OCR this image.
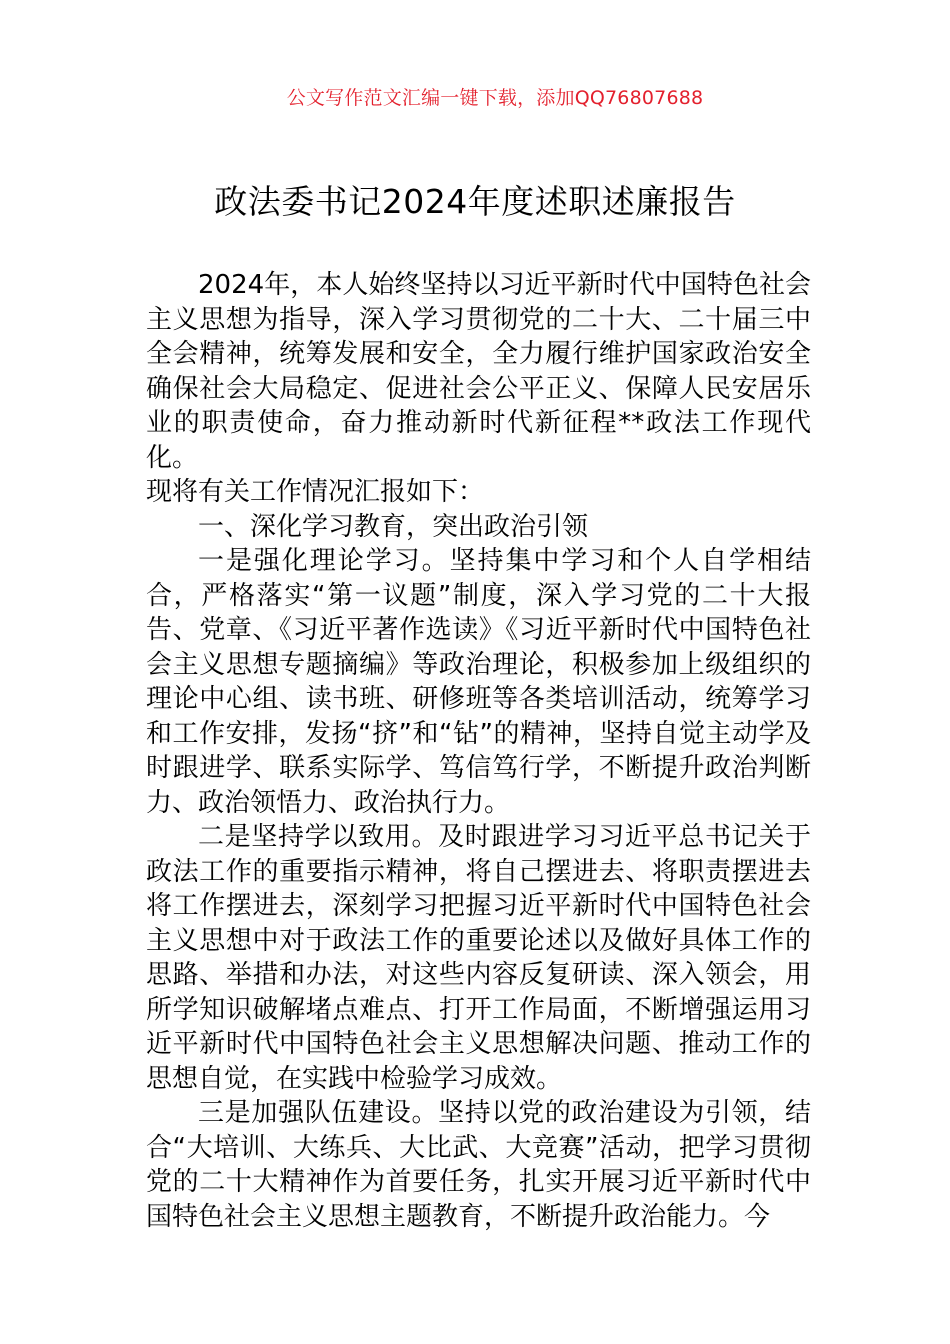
公文写作范文汇编一键下载，添加QQ76807688
政法委书记2024年度述职述廉报告

2024年，本人始终坚持以习近平新时代中国特色社会主义思想为指导，深入学习贯彻党的二十大、二十届三中全会精神，统筹发展和安全，全力履行维护国家政治安全确保社会大局稳定、促进社会公平正义、保障人民安居乐业的职责使命，奋力推动新时代新征程**政法工作现代化。

现将有关工作情况汇报如下：

一、深化学习教育，突出政治引领

一是强化理论学习。坚持集中学习和个人自学相结合，严格落实“第一议题”制度，深入学习党的二十大报告、党章、《习近平著作选读》《习近平新时代中国特色社会主义思想专题摘编》等政治理论，积极参加上级组织的理论中心组、读书班、研修班等各类培训活动，统筹学习和工作安排，发扬“挤”和“钻”的精神，坚持自觉主动学及时跟进学、联系实际学、笃信笃行学，不断提升政治判断力、政治领悟力、政治执行力。

二是坚持学以致用。及时跟进学习习近平总书记关于政法工作的重要指示精神，将自己摆进去、将职责摆进去将工作摆进去，深刻学习把握习近平新时代中国特色社会主义思想中对于政法工作的重要论述以及做好具体工作的思路、举措和办法，对这些内容反复研读、深入领会，用所学知识破解堵点难点、打开工作局面，不断增强运用习近平新时代中国特色社会主义思想解决问题、推动工作的思想自觉，在实践中检验学习成效。

三是加强队伍建设。坚持以党的政治建设为引领，结合“大培训、大练兵、大比武、大竞赛”活动，把学习贯彻党的二十大精神作为首要任务，扎实开展习近平新时代中国特色社会主义思想主题教育，不断提升政治能力。今
